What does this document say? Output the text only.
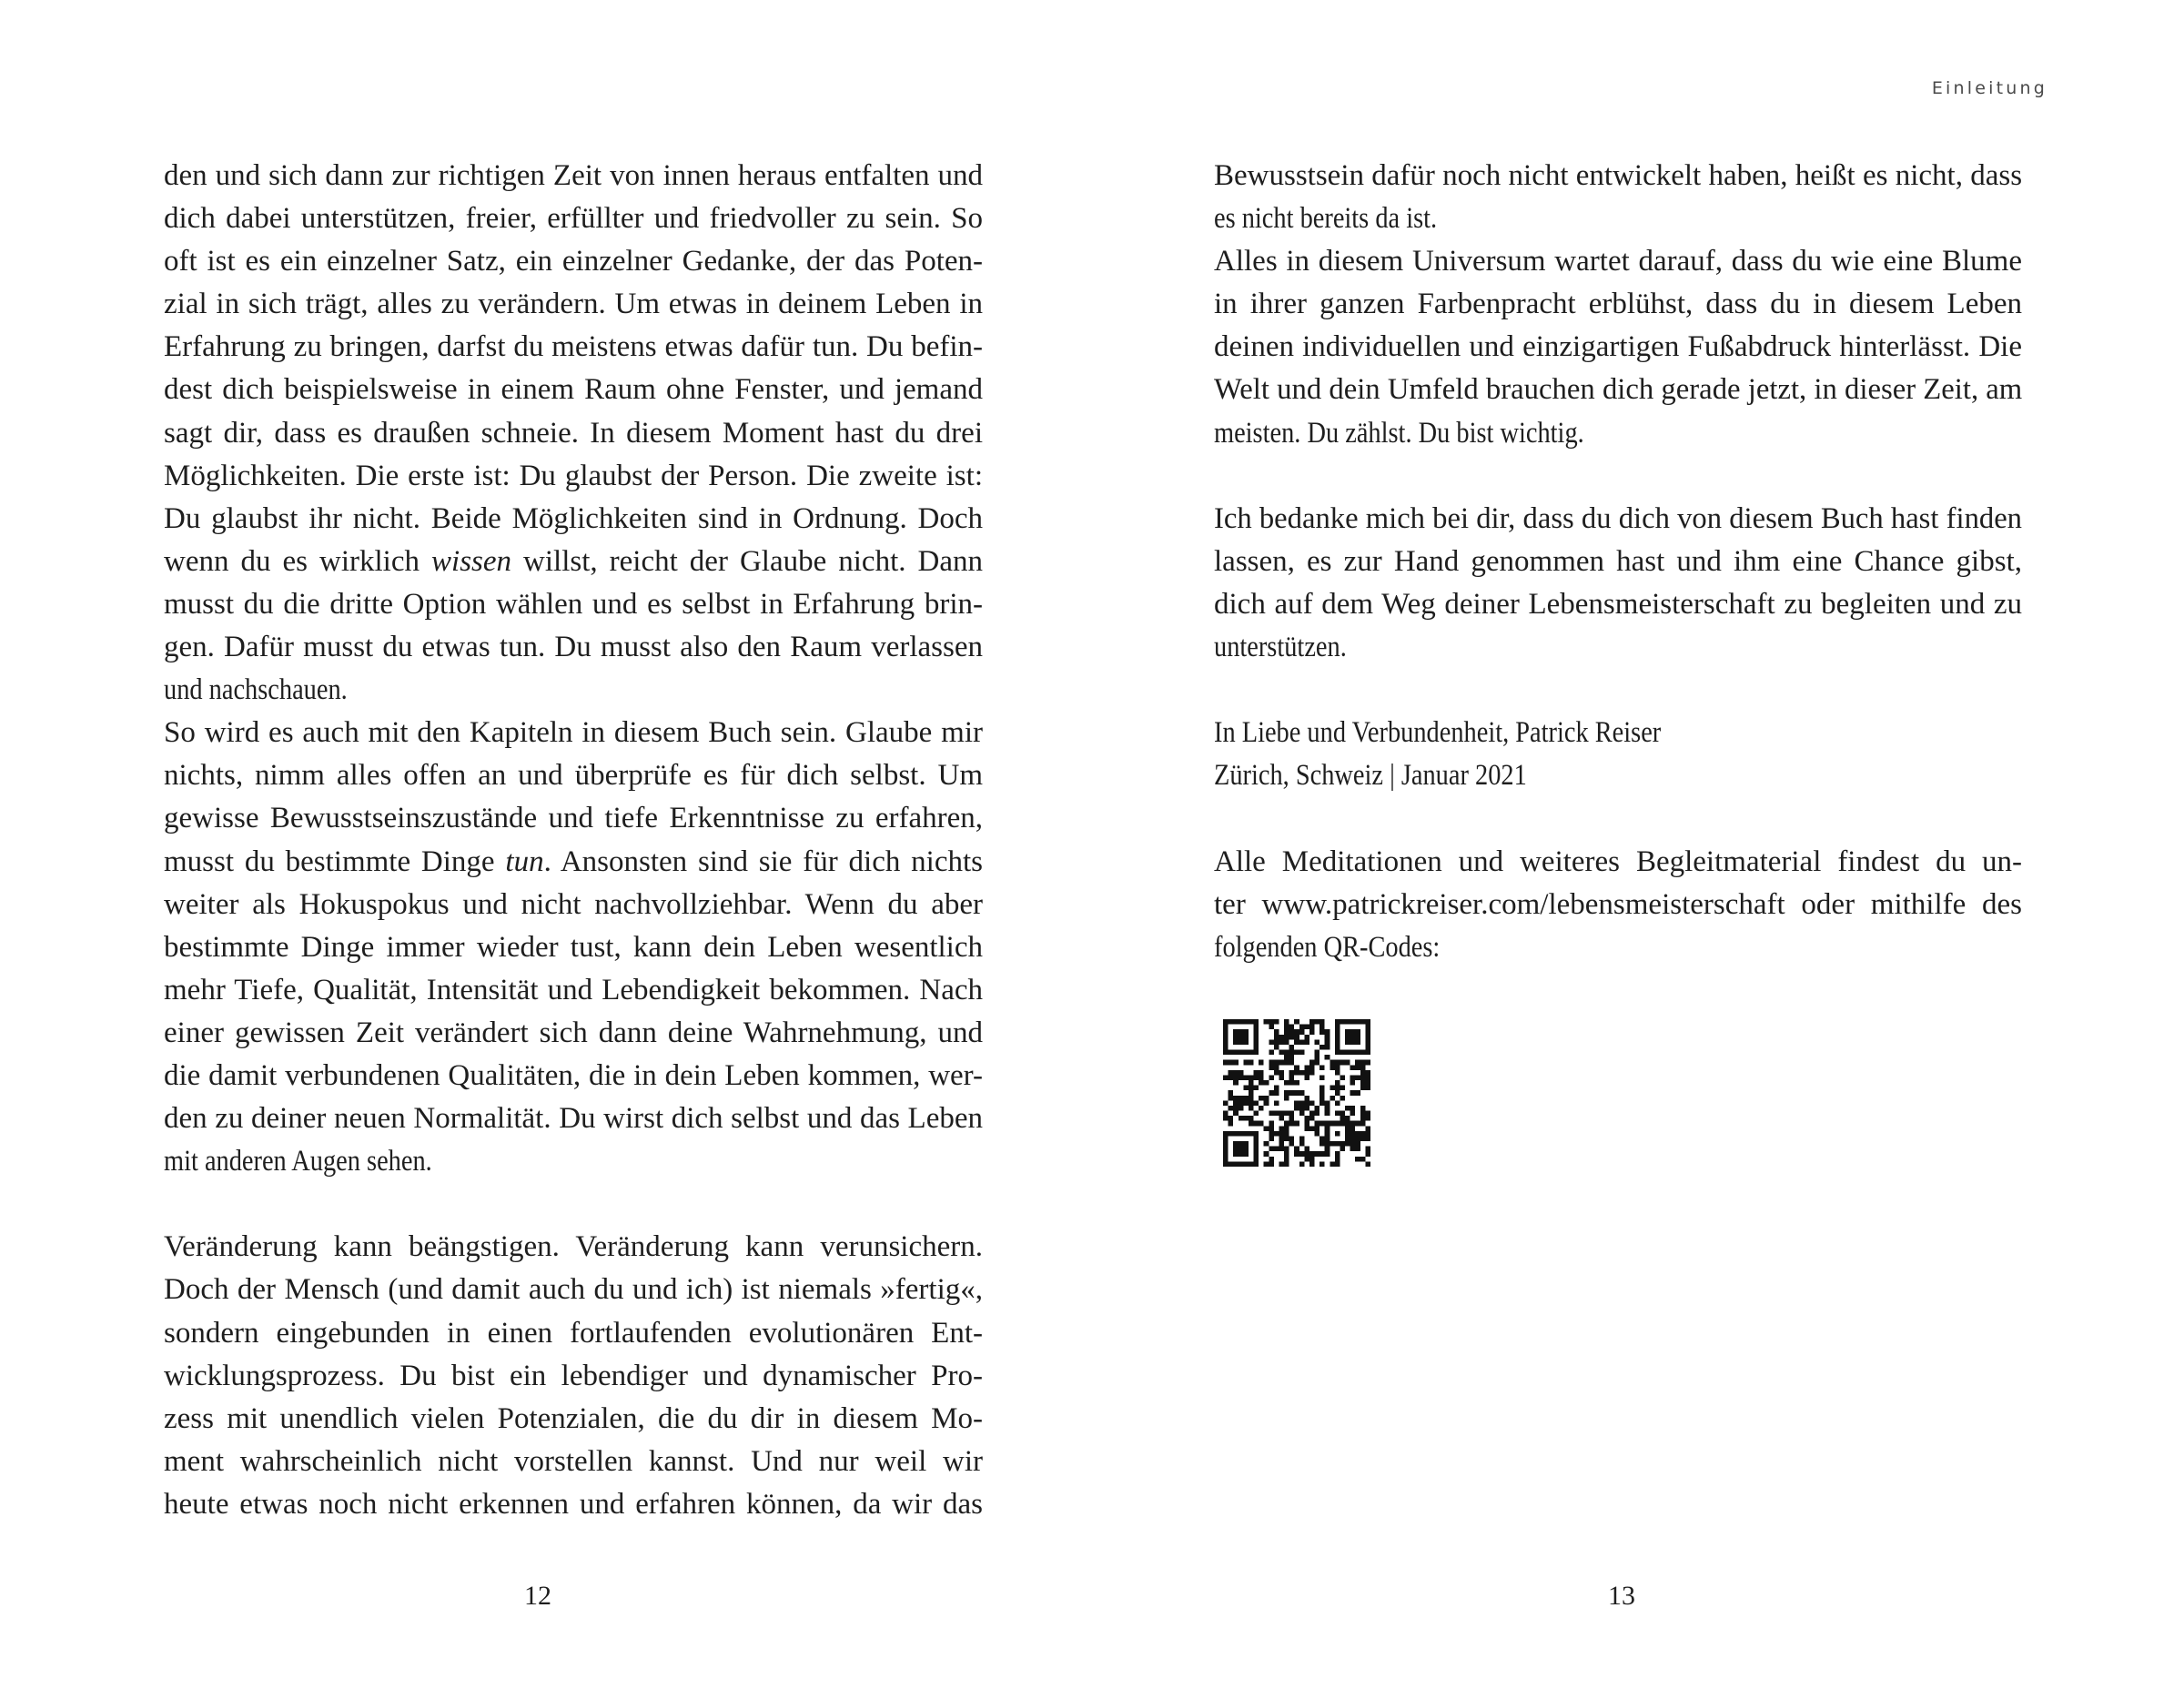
den und sich dann zur richtigen Zeit von innen heraus entfalten und
dich dabei unterstützen, freier, erfüllter und friedvoller zu sein. So
oft ist es ein einzelner Satz, ein einzelner Gedanke, der das Poten-
zial in sich trägt, alles zu verändern. Um etwas in deinem Leben in
Erfahrung zu bringen, darfst du meistens etwas dafür tun. Du befin-
dest dich beispielsweise in einem Raum ohne Fenster, und jemand
sagt dir, dass es draußen schneie. In diesem Moment hast du drei
Möglichkeiten. Die erste ist: Du glaubst der Person. Die zweite ist:
Du glaubst ihr nicht. Beide Möglichkeiten sind in Ordnung. Doch
wenn du es wirklich wissen willst, reicht der Glaube nicht. Dann
musst du die dritte Option wählen und es selbst in Erfahrung brin-
gen. Dafür musst du etwas tun. Du musst also den Raum verlassen
und nachschauen.
So wird es auch mit den Kapiteln in diesem Buch sein. Glaube mir
nichts, nimm alles offen an und überprüfe es für dich selbst. Um
gewisse Bewusstseinszustände und tiefe Erkenntnisse zu erfahren,
musst du bestimmte Dinge tun. Ansonsten sind sie für dich nichts
weiter als Hokuspokus und nicht nachvollziehbar. Wenn du aber
bestimmte Dinge immer wieder tust, kann dein Leben wesentlich
mehr Tiefe, Qualität, Intensität und Lebendigkeit bekommen. Nach
einer gewissen Zeit verändert sich dann deine Wahrnehmung, und
die damit verbundenen Qualitäten, die in dein Leben kommen, wer-
den zu deiner neuen Normalität. Du wirst dich selbst und das Leben
mit anderen Augen sehen.
Veränderung kann beängstigen. Veränderung kann verunsichern.
Doch der Mensch (und damit auch du und ich) ist niemals »fertig«,
sondern eingebunden in einen fortlaufenden evolutionären Ent-
wicklungsprozess. Du bist ein lebendiger und dynamischer Pro-
zess mit unendlich vielen Potenzialen, die du dir in diesem Mo-
ment wahrscheinlich nicht vorstellen kannst. Und nur weil wir
heute etwas noch nicht erkennen und erfahren können, da wir das
12
Einleitung
Bewusstsein dafür noch nicht entwickelt haben, heißt es nicht, dass
es nicht bereits da ist.
Alles in diesem Universum wartet darauf, dass du wie eine Blume
in ihrer ganzen Farbenpracht erblühst, dass du in diesem Leben
deinen individuellen und einzigartigen Fußabdruck hinterlässt. Die
Welt und dein Umfeld brauchen dich gerade jetzt, in dieser Zeit, am
meisten. Du zählst. Du bist wichtig.
Ich bedanke mich bei dir, dass du dich von diesem Buch hast finden
lassen, es zur Hand genommen hast und ihm eine Chance gibst,
dich auf dem Weg deiner Lebensmeisterschaft zu begleiten und zu
unterstützen.
In Liebe und Verbundenheit, Patrick Reiser
Zürich, Schweiz | Januar 2021
Alle Meditationen und weiteres Begleitmaterial findest du un-
ter www.patrickreiser.com/lebensmeisterschaft oder mithilfe des
folgenden QR-Codes:
13
